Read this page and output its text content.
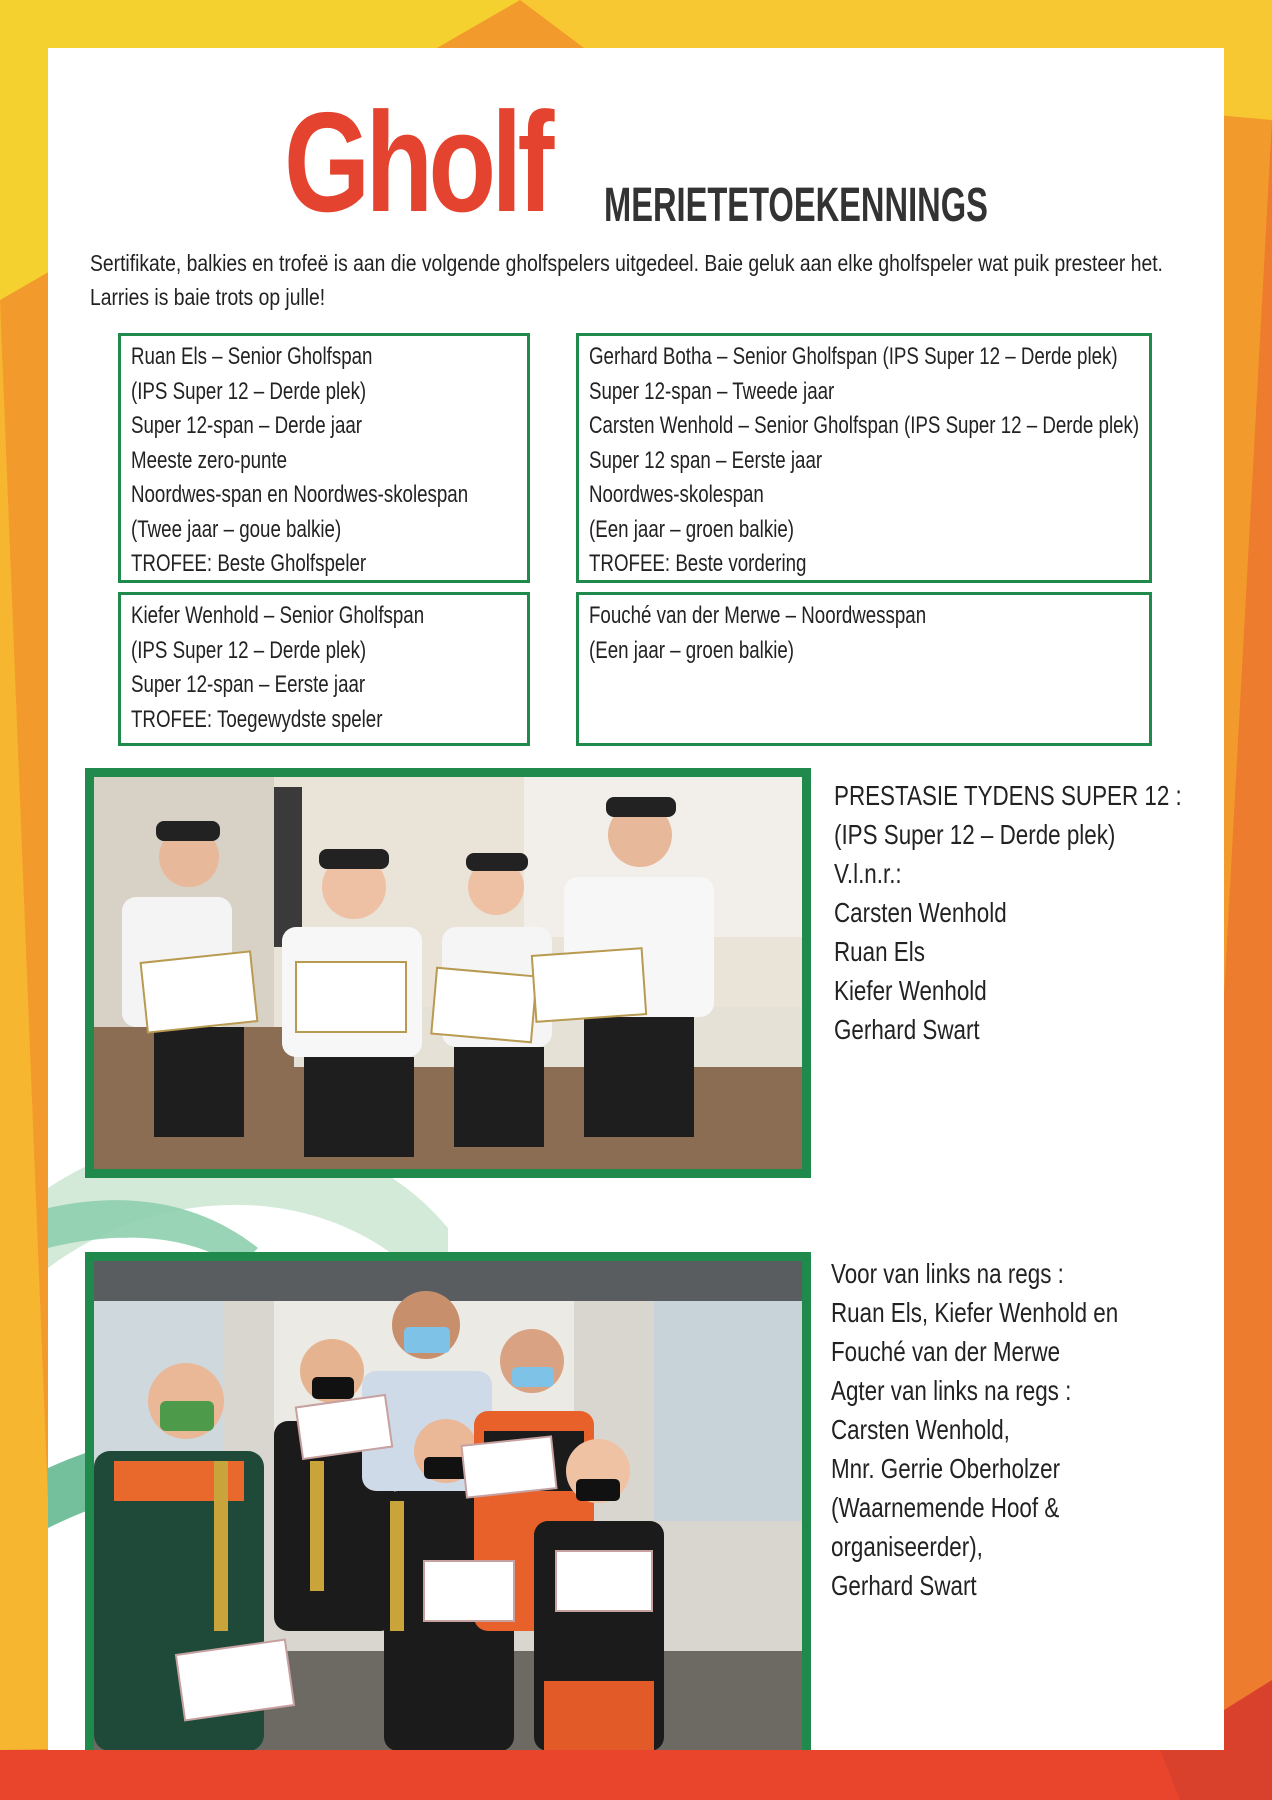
Gholf MERIETETOEKENNINGS
Sertifikate, balkies en trofeë is aan die volgende gholfspelers uitgedeel. Baie geluk aan elke gholfspeler wat puik presteer het.
Larries is baie trots op julle!
Ruan Els – Senior Gholfspan
(IPS Super 12 – Derde plek)
Super 12-span – Derde jaar
Meeste zero-punte
Noordwes-span en Noordwes-skolespan
(Twee jaar – goue balkie)
TROFEE: Beste Gholfspeler
Gerhard Botha – Senior Gholfspan (IPS Super 12 – Derde plek)
Super 12-span – Tweede jaar
Carsten Wenhold – Senior Gholfspan (IPS Super 12 – Derde plek)
Super 12 span – Eerste jaar
Noordwes-skolespan
(Een jaar – groen balkie)
TROFEE: Beste vordering
Kiefer Wenhold – Senior Gholfspan
(IPS Super 12 – Derde plek)
Super 12-span – Eerste jaar
TROFEE: Toegewydste speler
Fouché van der Merwe – Noordwesspan
(Een jaar – groen balkie)
PRESTASIE TYDENS SUPER 12 :
(IPS Super 12 – Derde plek)
V.l.n.r.:
Carsten Wenhold
Ruan Els
Kiefer Wenhold
Gerhard Swart
Voor van links na regs :
Ruan Els, Kiefer Wenhold en
Fouché van der Merwe
Agter van links na regs :
Carsten Wenhold,
Mnr. Gerrie Oberholzer
(Waarnemende Hoof &
organiseerder),
Gerhard Swart
